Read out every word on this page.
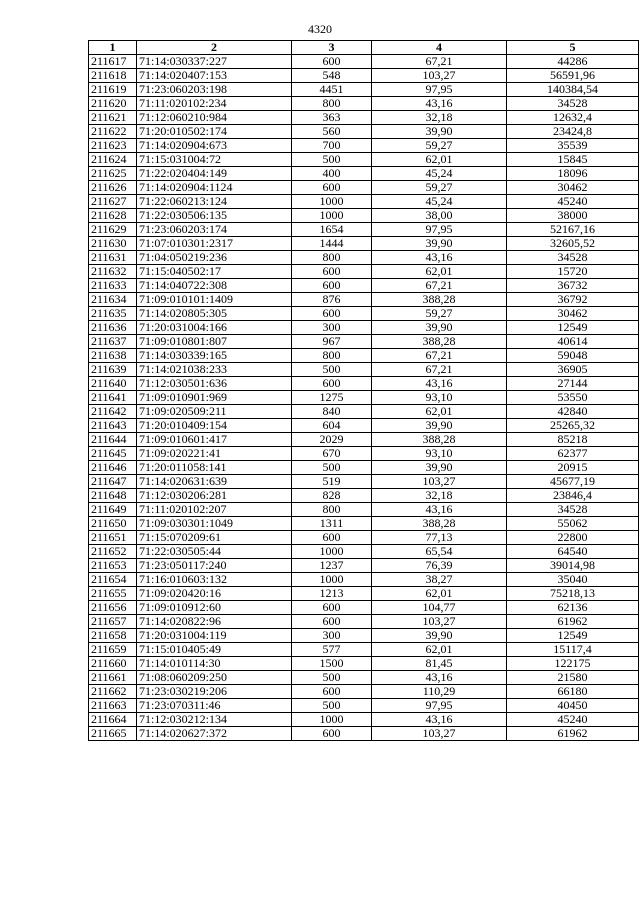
4320
1	2	3	4	5
211617	71:14:030337:227	600	67,21	44286
211618	71:14:020407:153	548	103,27	56591,96
211619	71:23:060203:198	4451	97,95	140384,54
211620	71:11:020102:234	800	43,16	34528
211621	71:12:060210:984	363	32,18	12632,4
211622	71:20:010502:174	560	39,90	23424,8
211623	71:14:020904:673	700	59,27	35539
211624	71:15:031004:72	500	62,01	15845
211625	71:22:020404:149	400	45,24	18096
211626	71:14:020904:1124	600	59,27	30462
211627	71:22:060213:124	1000	45,24	45240
211628	71:22:030506:135	1000	38,00	38000
211629	71:23:060203:174	1654	97,95	52167,16
211630	71:07:010301:2317	1444	39,90	32605,52
211631	71:04:050219:236	800	43,16	34528
211632	71:15:040502:17	600	62,01	15720
211633	71:14:040722:308	600	67,21	36732
211634	71:09:010101:1409	876	388,28	36792
211635	71:14:020805:305	600	59,27	30462
211636	71:20:031004:166	300	39,90	12549
211637	71:09:010801:807	967	388,28	40614
211638	71:14:030339:165	800	67,21	59048
211639	71:14:021038:233	500	67,21	36905
211640	71:12:030501:636	600	43,16	27144
211641	71:09:010901:969	1275	93,10	53550
211642	71:09:020509:211	840	62,01	42840
211643	71:20:010409:154	604	39,90	25265,32
211644	71:09:010601:417	2029	388,28	85218
211645	71:09:020221:41	670	93,10	62377
211646	71:20:011058:141	500	39,90	20915
211647	71:14:020631:639	519	103,27	45677,19
211648	71:12:030206:281	828	32,18	23846,4
211649	71:11:020102:207	800	43,16	34528
211650	71:09:030301:1049	1311	388,28	55062
211651	71:15:070209:61	600	77,13	22800
211652	71:22:030505:44	1000	65,54	64540
211653	71:23:050117:240	1237	76,39	39014,98
211654	71:16:010603:132	1000	38,27	35040
211655	71:09:020420:16	1213	62,01	75218,13
211656	71:09:010912:60	600	104,77	62136
211657	71:14:020822:96	600	103,27	61962
211658	71:20:031004:119	300	39,90	12549
211659	71:15:010405:49	577	62,01	15117,4
211660	71:14:010114:30	1500	81,45	122175
211661	71:08:060209:250	500	43,16	21580
211662	71:23:030219:206	600	110,29	66180
211663	71:23:070311:46	500	97,95	40450
211664	71:12:030212:134	1000	43,16	45240
211665	71:14:020627:372	600	103,27	61962
